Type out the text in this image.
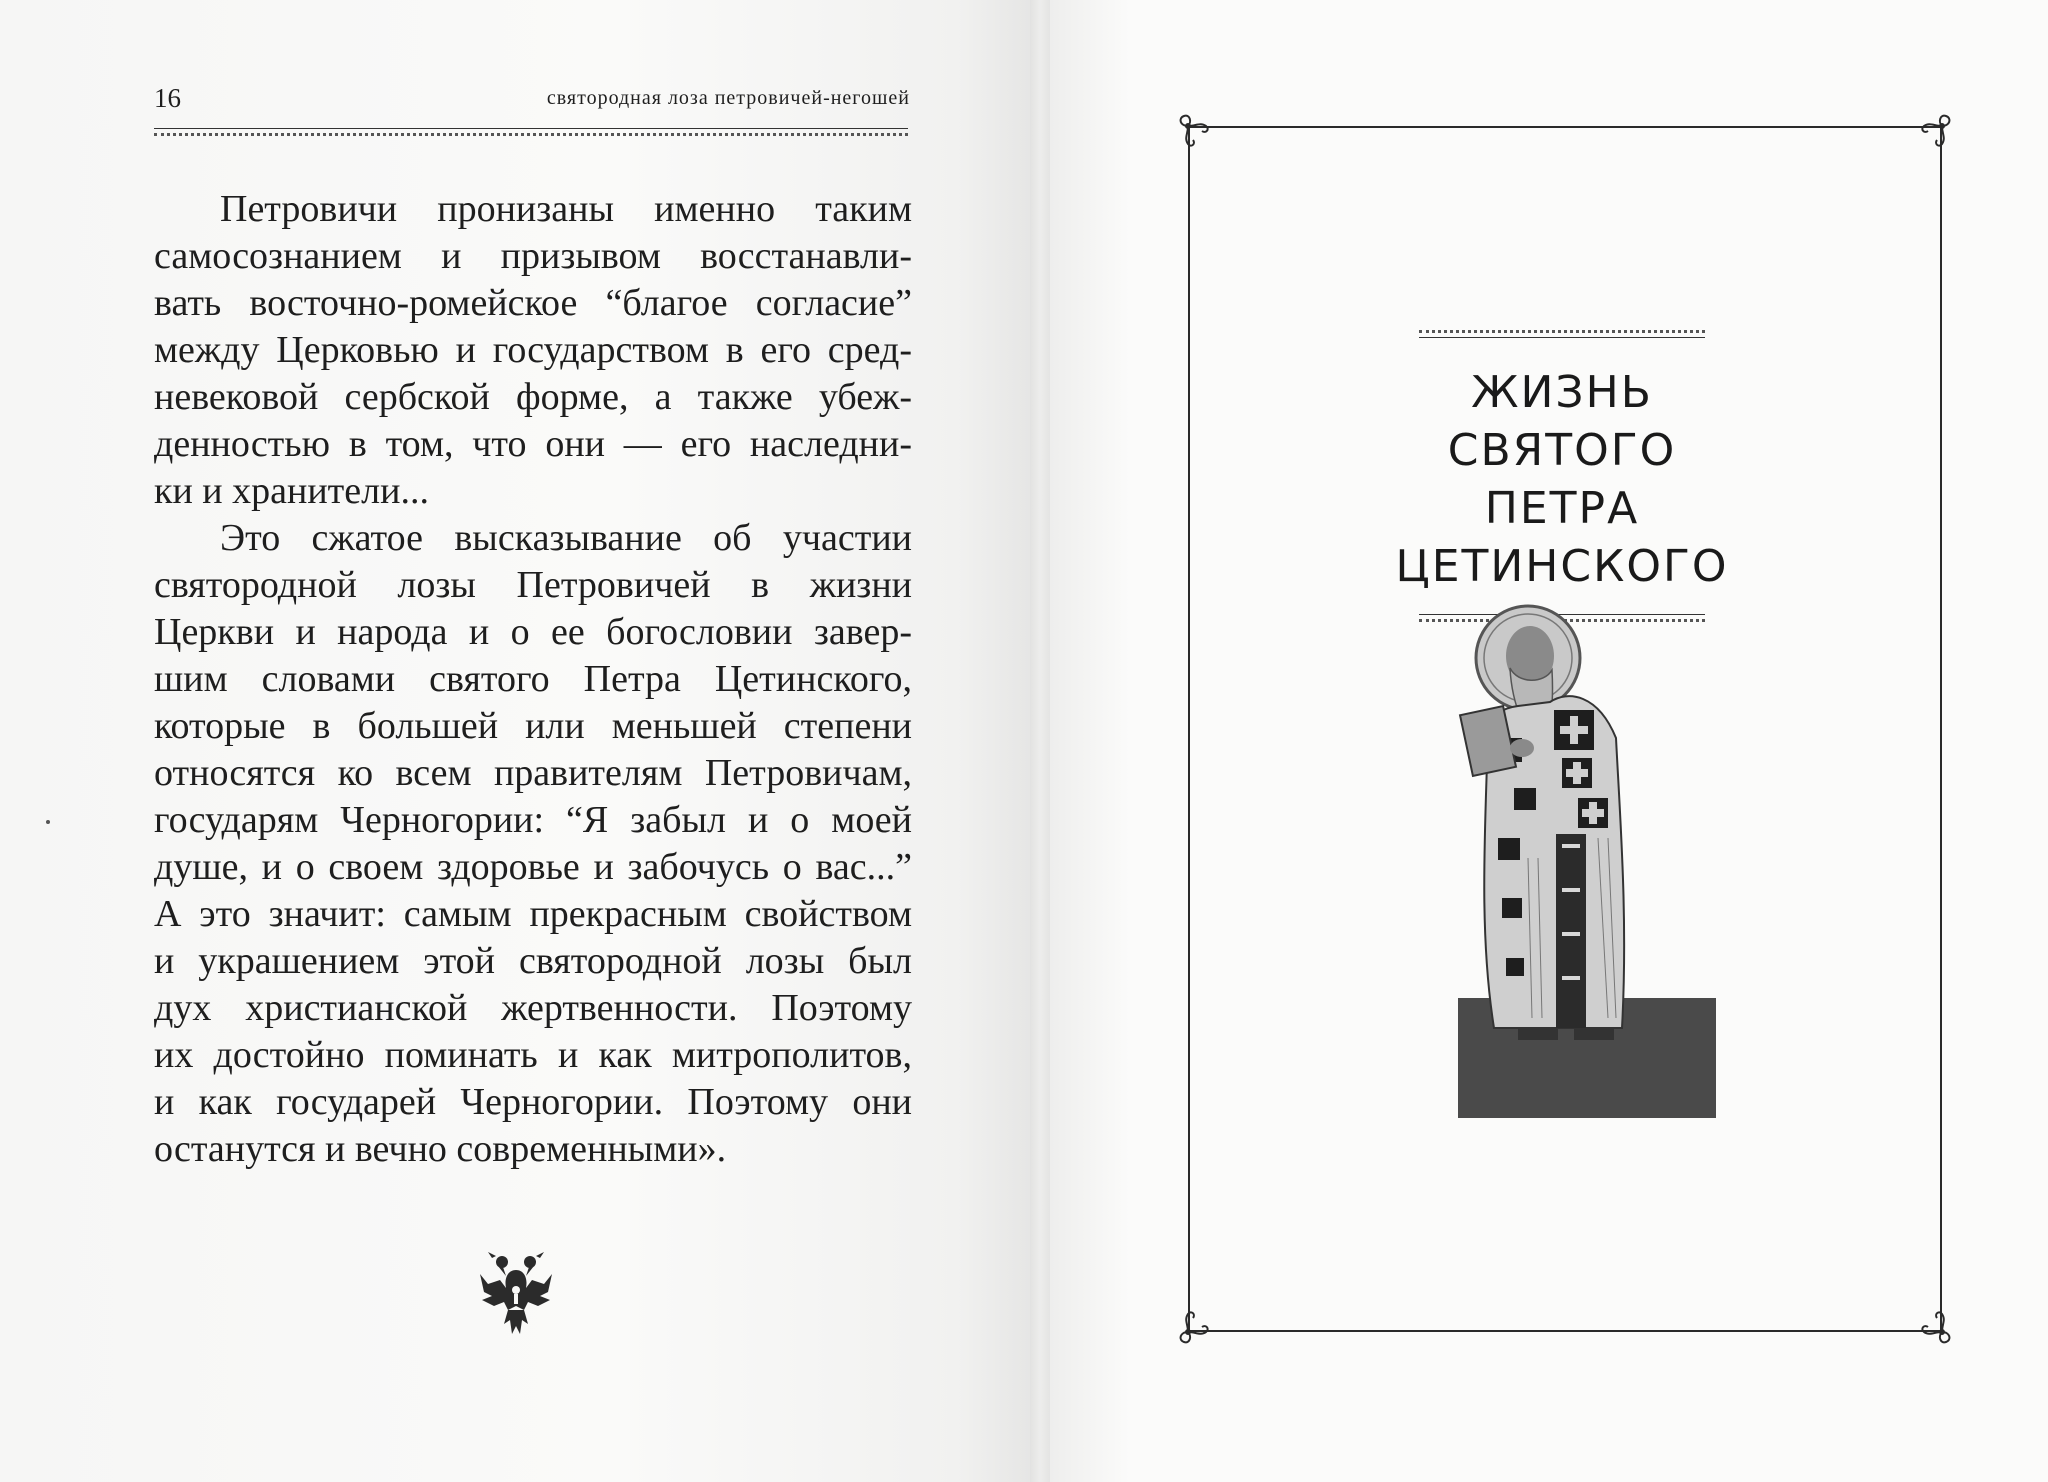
16	святородная лоза петровичей-негошей

Петровичи пронизаны именно таким
самосознанием и призывом восстанавли-
вать восточно-ромейское “благое согласие”
между Церковью и государством в его сред-
невековой сербской форме, а также убеж-
денностью в том, что они — его наследни-
ки и хранители...

Это сжатое высказывание об участии
святородной лозы Петровичей в жизни
Церкви и народа и о ее богословии завер-
шим словами святого Петра Цетинского,
которые в большей или меньшей степени
относятся ко всем правителям Петровичам,
государям Черногории: “Я забыл и о моей
душе, и о своем здоровье и забочусь о вас...”
А это значит: самым прекрасным свойством
и украшением этой святородной лозы был
дух христианской жертвенности. Поэтому
их достойно поминать и как митрополитов,
и как государей Черногории. Поэтому они
останутся и вечно современными».

ЖИЗНЬ
СВЯТОГО
ПЕТРА
ЦЕТИНСКОГО
